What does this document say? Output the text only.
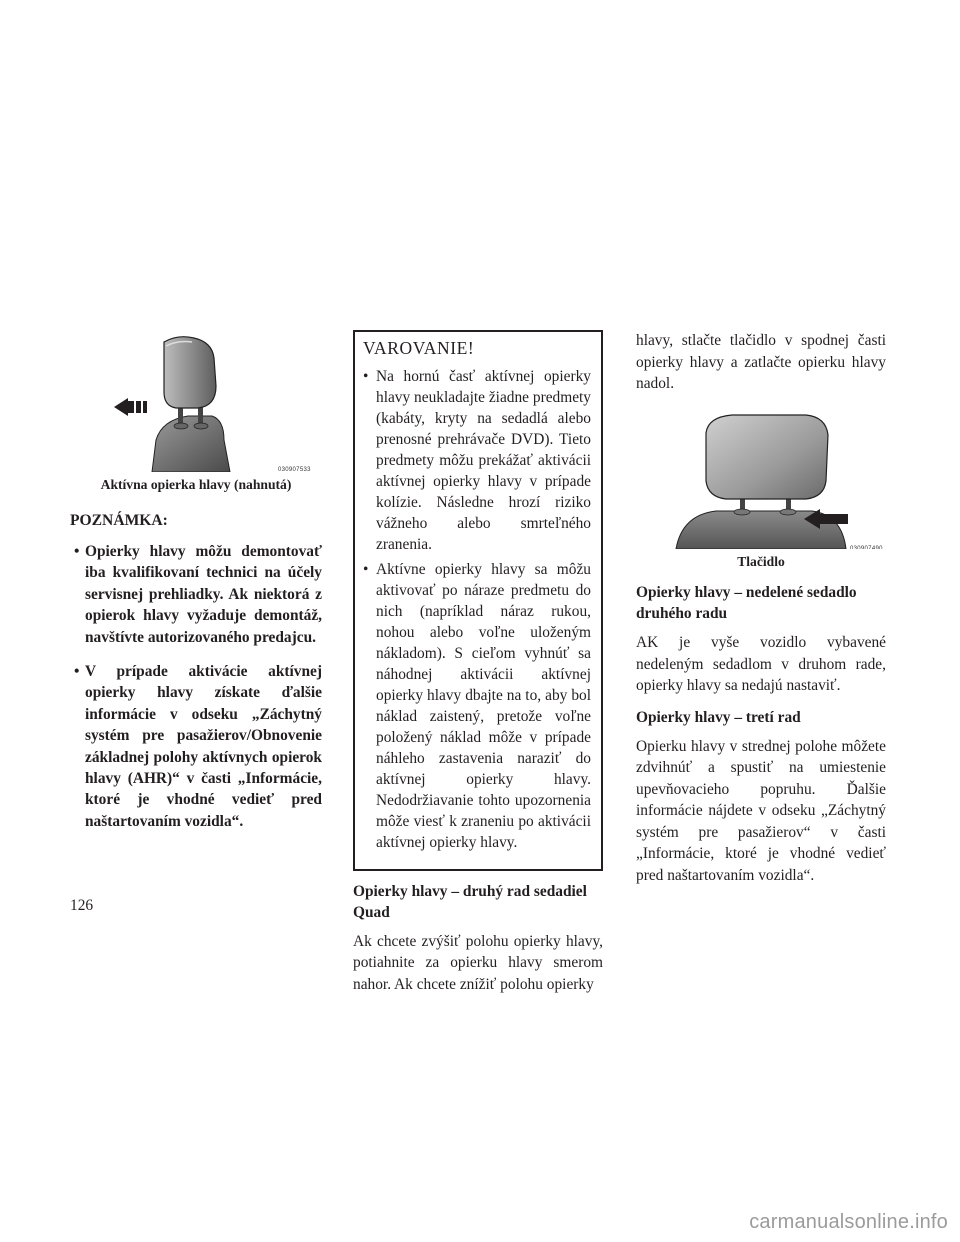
030907533
Aktívna opierka hlavy (nahnutá)
POZNÁMKA:
• Opierky hlavy môžu demontovať iba kvalifikovaní technici na účely servisnej prehliadky. Ak niektorá z opierok hlavy vyžaduje demontáž, navštívte autorizovaného predajcu.
• V prípade aktivácie aktívnej opierky hlavy získate ďalšie informácie v odseku „Záchytný systém pre pasažierov/Obnovenie základnej polohy aktívnych opierok hlavy (AHR)“ v časti „Informácie, ktoré je vhodné vedieť pred naštartovaním vozidla“.
VAROVANIE!
• Na hornú časť aktívnej opierky hlavy neukladajte žiadne predmety (kabáty, kryty na sedadlá alebo prenosné prehrávače DVD). Tieto predmety môžu prekážať aktivácii aktívnej opierky hlavy v prípade kolízie. Následne hrozí riziko vážneho alebo smrteľného zranenia.
• Aktívne opierky hlavy sa môžu aktivovať po náraze predmetu do nich (napríklad náraz rukou, nohou alebo voľne uloženým nákladom). S cieľom vyhnúť sa náhodnej aktivácii aktívnej opierky hlavy dbajte na to, aby bol náklad zaistený, pretože voľne položený náklad môže v prípade náhleho zastavenia naraziť do aktívnej opierky hlavy. Nedodržiavanie tohto upozornenia môže viesť k zraneniu po aktivácii aktívnej opierky hlavy.
Opierky hlavy – druhý rad sedadiel Quad

Ak chcete zvýšiť polohu opierky hlavy, potiahnite za opierku hlavy smerom nahor. Ak chcete znížiť polohu opierky

hlavy, stlačte tlačidlo v spodnej časti opierky hlavy a zatlačte opierku hlavy nadol.

030907490
Tlačidlo
Opierky hlavy – nedelené sedadlo druhého radu

AK je vyše vozidlo vybavené nedeleným sedadlom v druhom rade, opierky hlavy sa nedajú nastaviť.

Opierky hlavy – tretí rad

Opierku hlavy v strednej polohe môžete zdvihnúť a spustiť na umiestenie upevňovacieho popruhu. Ďalšie informácie nájdete v odseku „Záchytný systém pre pasažierov“ v časti „Informácie, ktoré je vhodné vedieť pred naštartovaním vozidla“.

126
carmanualsonline.info
